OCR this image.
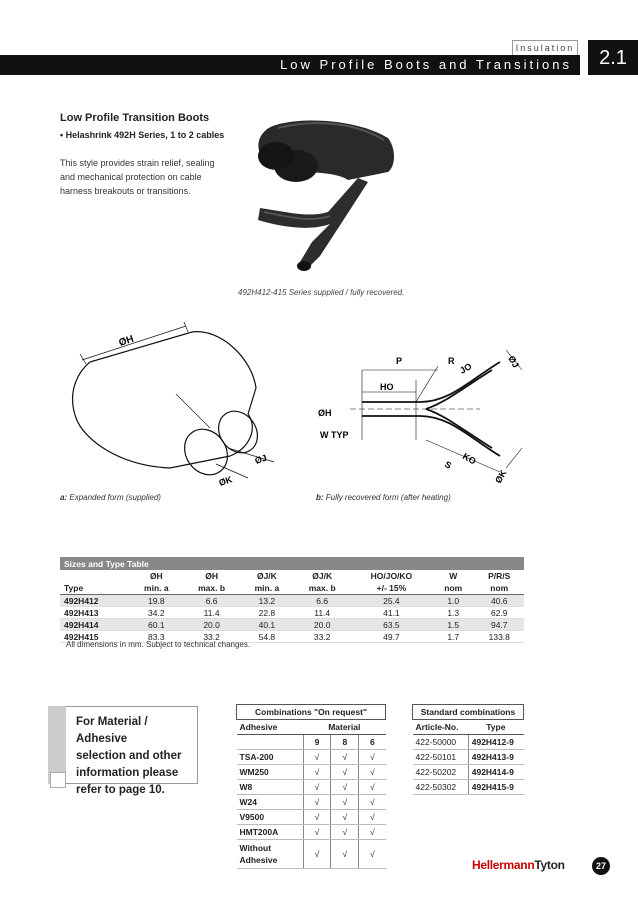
Insulation
Low Profile Boots and Transitions	2.1
Low Profile Transition Boots
• Helashrink 492H Series, 1 to 2 cables
This style provides strain relief, sealing and mechanical protection on cable harness breakouts or transitions.
492H412-415 Series supplied / fully recovered.
ØH
ØJ
ØK
P	R
JO	ØJ
HO
ØH
W TYP
KO
S
ØK
a: Expanded form (supplied)	b: Fully recovered form (after heating)
Sizes and Type Table							
	ØH	ØH	ØJ/K	ØJ/K	HO/JO/KO	W	P/R/S
Type	min. a	max. b	min. a	max. b	+/- 15%	nom	nom
492H412	19.8	6.6	13.2	6.6	25.4	1.0	40.6
492H413	34.2	11.4	22.8	11.4	41.1	1.3	62.9
492H414	60.1	20.0	40.1	20.0	63.5	1.5	94.7
492H415	83.3	33.2	54.8	33.2	49.7	1.7	133.8
All dimensions in mm. Subject to technical changes.
For Material / Adhesive
selection and other
information please
refer to page 10.
Combinations "On request"			
Adhesive	Material		
	9	8	6
TSA-200	√	√	√
WM250	√	√	√
W8	√	√	√
W24	√	√	√
V9500	√	√	√
HMT200A	√	√	√
Without Adhesive	√	√	√
Standard combinations	
Article-No.	Type
422-50000	492H412-9
422-50101	492H413-9
422-50202	492H414-9
422-50302	492H415-9
HellermannTyton	27
